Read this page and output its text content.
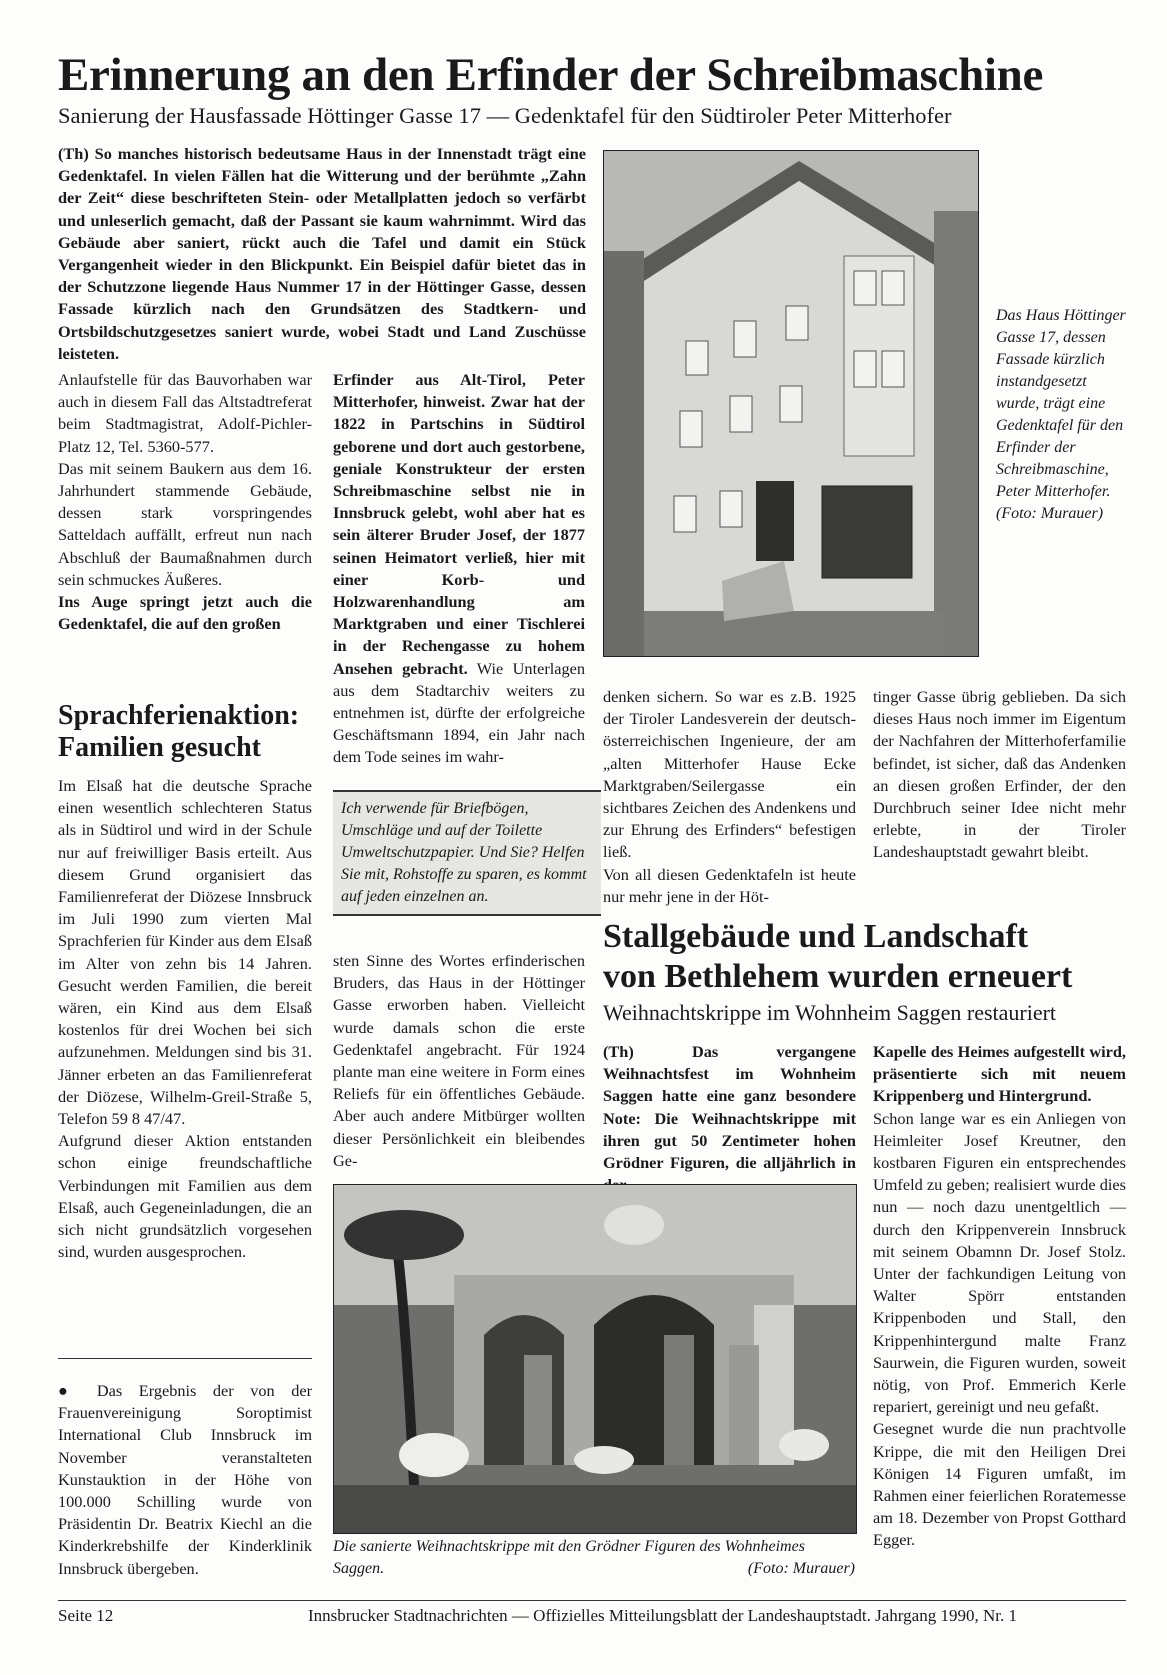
Erinnerung an den Erfinder der Schreibmaschine
Sanierung der Hausfassade Höttinger Gasse 17 — Gedenktafel für den Südtiroler Peter Mitterhofer
(Th) So manches historisch bedeutsame Haus in der Innenstadt trägt eine Gedenktafel. In vielen Fällen hat die Witterung und der berühmte „Zahn der Zeit“ diese beschrifteten Stein- oder Metallplatten jedoch so verfärbt und unleserlich gemacht, daß der Passant sie kaum wahrnimmt. Wird das Gebäude aber saniert, rückt auch die Tafel und damit ein Stück Vergangenheit wieder in den Blickpunkt. Ein Beispiel dafür bietet das in der Schutzzone liegende Haus Nummer 17 in der Höttinger Gasse, dessen Fassade kürzlich nach den Grundsätzen des Stadtkern- und Ortsbildschutzgesetzes saniert wurde, wobei Stadt und Land Zuschüsse leisteten.
Das Haus Höttinger Gasse 17, dessen Fassade kürzlich instandgesetzt wurde, trägt eine Gedenktafel für den Erfinder der Schreibmaschine, Peter Mitterhofer. (Foto: Murauer)

Anlaufstelle für das Bauvorhaben war auch in diesem Fall das Altstadtreferat beim Stadtmagistrat, Adolf-Pichler-Platz 12, Tel. 5360-577.

Das mit seinem Baukern aus dem 16. Jahrhundert stammende Gebäude, dessen stark vorspringendes Satteldach auffällt, erfreut nun nach Abschluß der Baumaßnahmen durch sein schmuckes Äußeres.

Ins Auge springt jetzt auch die Gedenktafel, die auf den großen

Erfinder aus Alt-Tirol, Peter Mitterhofer, hinweist. Zwar hat der 1822 in Partschins in Südtirol geborene und dort auch gestorbene, geniale Konstrukteur der ersten Schreibmaschine selbst nie in Innsbruck gelebt, wohl aber hat es sein älterer Bruder Josef, der 1877 seinen Heimatort verließ, hier mit einer Korb- und Holzwarenhandlung am Marktgraben und einer Tischlerei in der Rechengasse zu hohem Ansehen gebracht. Wie Unterlagen aus dem Stadtarchiv weiters zu entnehmen ist, dürfte der erfolgreiche Geschäftsmann 1894, ein Jahr nach dem Tode seines im wahr-
Ich verwende für Briefbögen, Umschläge und auf der Toilette Umweltschutzpapier. Und Sie? Helfen Sie mit, Rohstoffe zu sparen, es kommt auf jeden einzelnen an.
sten Sinne des Wortes erfinderischen Bruders, das Haus in der Höttinger Gasse erworben haben. Vielleicht wurde damals schon die erste Gedenktafel angebracht. Für 1924 plante man eine weitere in Form eines Reliefs für ein öffentliches Gebäude. Aber auch andere Mitbürger wollten dieser Persönlichkeit ein bleibendes Ge-

denken sichern. So war es z.B. 1925 der Tiroler Landesverein der deutsch-österreichischen Ingenieure, der am „alten Mitterhofer Hause Ecke Marktgraben/Seilergasse ein sichtbares Zeichen des Andenkens und zur Ehrung des Erfinders“ befestigen ließ.

Von all diesen Gedenktafeln ist heute nur mehr jene in der Höt-

tinger Gasse übrig geblieben. Da sich dieses Haus noch immer im Eigentum der Nachfahren der Mitterhoferfamilie befindet, ist sicher, daß das Andenken an diesen großen Erfinder, der den Durchbruch seiner Idee nicht mehr erlebte, in der Tiroler Landeshauptstadt gewahrt bleibt.
Sprachferienaktion: Familien gesucht

Im Elsaß hat die deutsche Sprache einen wesentlich schlechteren Status als in Südtirol und wird in der Schule nur auf freiwilliger Basis erteilt. Aus diesem Grund organisiert das Familienreferat der Diözese Innsbruck im Juli 1990 zum vierten Mal Sprachferien für Kinder aus dem Elsaß im Alter von zehn bis 14 Jahren. Gesucht werden Familien, die bereit wären, ein Kind aus dem Elsaß kostenlos für drei Wochen bei sich aufzunehmen. Meldungen sind bis 31. Jänner erbeten an das Familienreferat der Diözese, Wilhelm-Greil-Straße 5, Telefon 59 8 47/47.

Aufgrund dieser Aktion entstanden schon einige freundschaftliche Verbindungen mit Familien aus dem Elsaß, auch Gegeneinladungen, die an sich nicht grundsätzlich vorgesehen sind, wurden ausgesprochen.

● Das Ergebnis der von der Frauenvereinigung Soroptimist International Club Innsbruck im November veranstalteten Kunstauktion in der Höhe von 100.000 Schilling wurde von Präsidentin Dr. Beatrix Kiechl an die Kinderkrebshilfe der Kinderklinik Innsbruck übergeben.
Stallgebäude und Landschaft
von Bethlehem wurden erneuert
Weihnachtskrippe im Wohnheim Saggen restauriert
(Th) Das vergangene Weihnachtsfest im Wohnheim Saggen hatte eine ganz besondere Note: Die Weihnachtskrippe mit ihren gut 50 Zentimeter hohen Grödner Figuren, die alljährlich in

Kapelle des Heimes aufgestellt wird, präsentierte sich mit neuem Krippenberg und Hintergrund.

Schon lange war es ein Anliegen von Heimleiter Josef Kreutner, den kostbaren Figuren ein entsprechendes Umfeld zu geben; realisiert wurde dies nun — noch dazu unentgeltlich — durch den Krippenverein Innsbruck mit seinem Obamnn Dr. Josef Stolz. Unter der fachkundigen Leitung von Walter Spörr entstanden Krippenboden und Stall, den Krippenhintergund malte Franz Saurwein, die Figuren wurden, soweit nötig, von Prof. Emmerich Kerle repariert, gereinigt und neu gefaßt.

Gesegnet wurde die nun prachtvolle Krippe, die mit den Heiligen Drei Königen 14 Figuren umfaßt, im Rahmen einer feierlichen Roratemesse am 18. Dezember von Propst Gotthard Egger.

Die sanierte Weihnachtskrippe mit den Grödner Figuren des Wohnheimes Saggen.	(Foto: Murauer)
Seite 12	Innsbrucker Stadtnachrichten — Offizielles Mitteilungsblatt der Landeshauptstadt. Jahrgang 1990, Nr. 1
